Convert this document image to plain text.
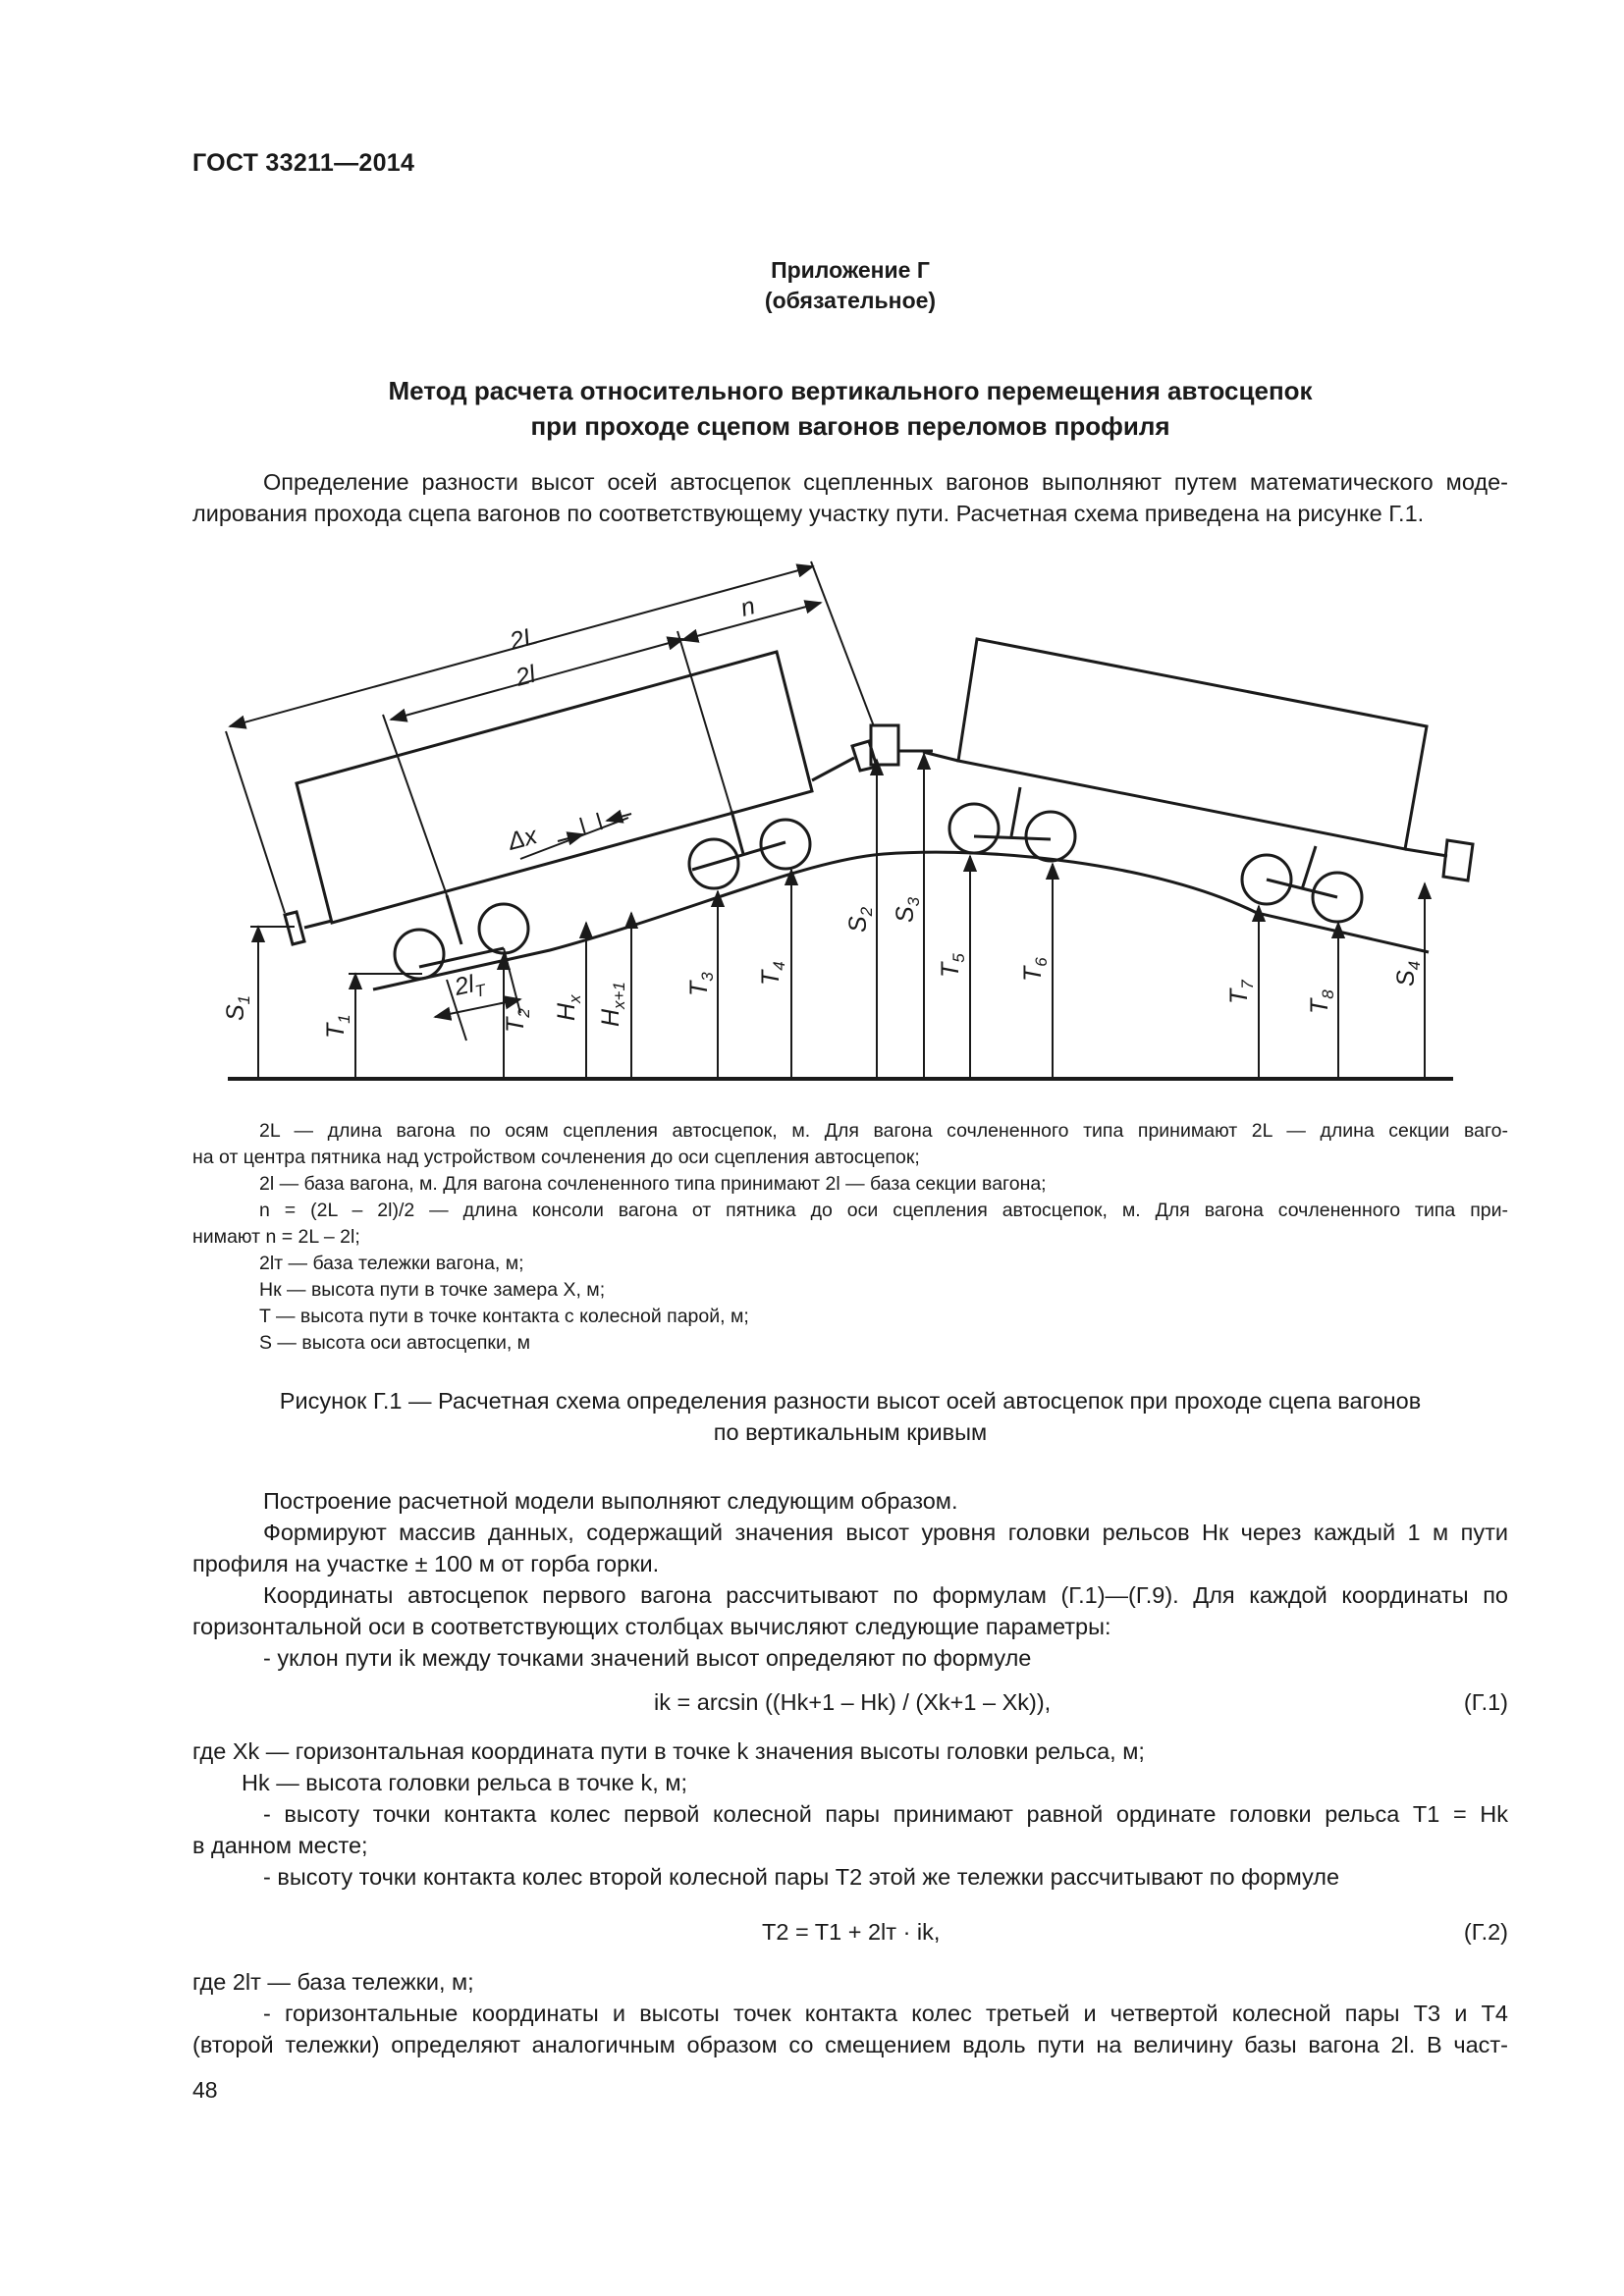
ГОСТ 33211—2014
Приложение Г
(обязательное)
Метод расчета относительного вертикального перемещения автосцепок
при проходе сцепом вагонов переломов профиля
Определение разности высот осей автосцепок сцепленных вагонов выполняют путем математического моде-
лирования прохода сцепа вагонов по соответствующему участку пути. Расчетная схема приведена на рисунке Г.1.
2L
2l
n
Δx
$2l_T$
$S_1$
$T_1$	$T_2$ $H_x$
$H_{x+1}$ $T_3$ $T_4$
$S_2$ $S_3$
$T_5$
$T_6$
$T_7$
$T_8$
$S_4$
2L — длина вагона по осям сцепления автосцепок, м. Для вагона сочлененного типа принимают 2L — длина секции ваго-
на от центра пятника над устройством сочленения до оси сцепления автосцепок;
2l — база вагона, м. Для вагона сочлененного типа принимают 2l — база секции вагона;
n = (2L – 2l)/2 — длина консоли вагона от пятника до оси сцепления автосцепок, м. Для вагона сочлененного типа при-
нимают n = 2L – 2l;
2lт — база тележки вагона, м;
Hк — высота пути в точке замера X, м;
T — высота пути в точке контакта с колесной парой, м;
S — высота оси автосцепки, м
Рисунок Г.1 — Расчетная схема определения разности высот осей автосцепок при проходе сцепа вагонов
по вертикальным кривым
Построение расчетной модели выполняют следующим образом.
Формируют массив данных, содержащий значения высот уровня головки рельсов Hк через каждый 1 м пути
профиля на участке ± 100 м от горба горки.
Координаты автосцепок первого вагона рассчитывают по формулам (Г.1)—(Г.9). Для каждой координаты по
горизонтальной оси в соответствующих столбцах вычисляют следующие параметры:
- уклон пути ik между точками значений высот определяют по формуле
ik = arcsin ((Hk+1 – Hk) / (Xk+1 – Xk)),	(Г.1)
где Xk — горизонтальная координата пути в точке k значения высоты головки рельса, м;
Hk — высота головки рельса в точке k, м;
- высоту точки контакта колес первой колесной пары принимают равной ординате головки рельса T1 = Hk
в данном месте;
- высоту точки контакта колес второй колесной пары T2 этой же тележки рассчитывают по формуле
T2 = T1 + 2lт · ik,	(Г.2)
где 2lт — база тележки, м;
- горизонтальные координаты и высоты точек контакта колес третьей и четвертой колесной пары T3 и T4
(второй тележки) определяют аналогичным образом со смещением вдоль пути на величину базы вагона 2l. В част-
48
